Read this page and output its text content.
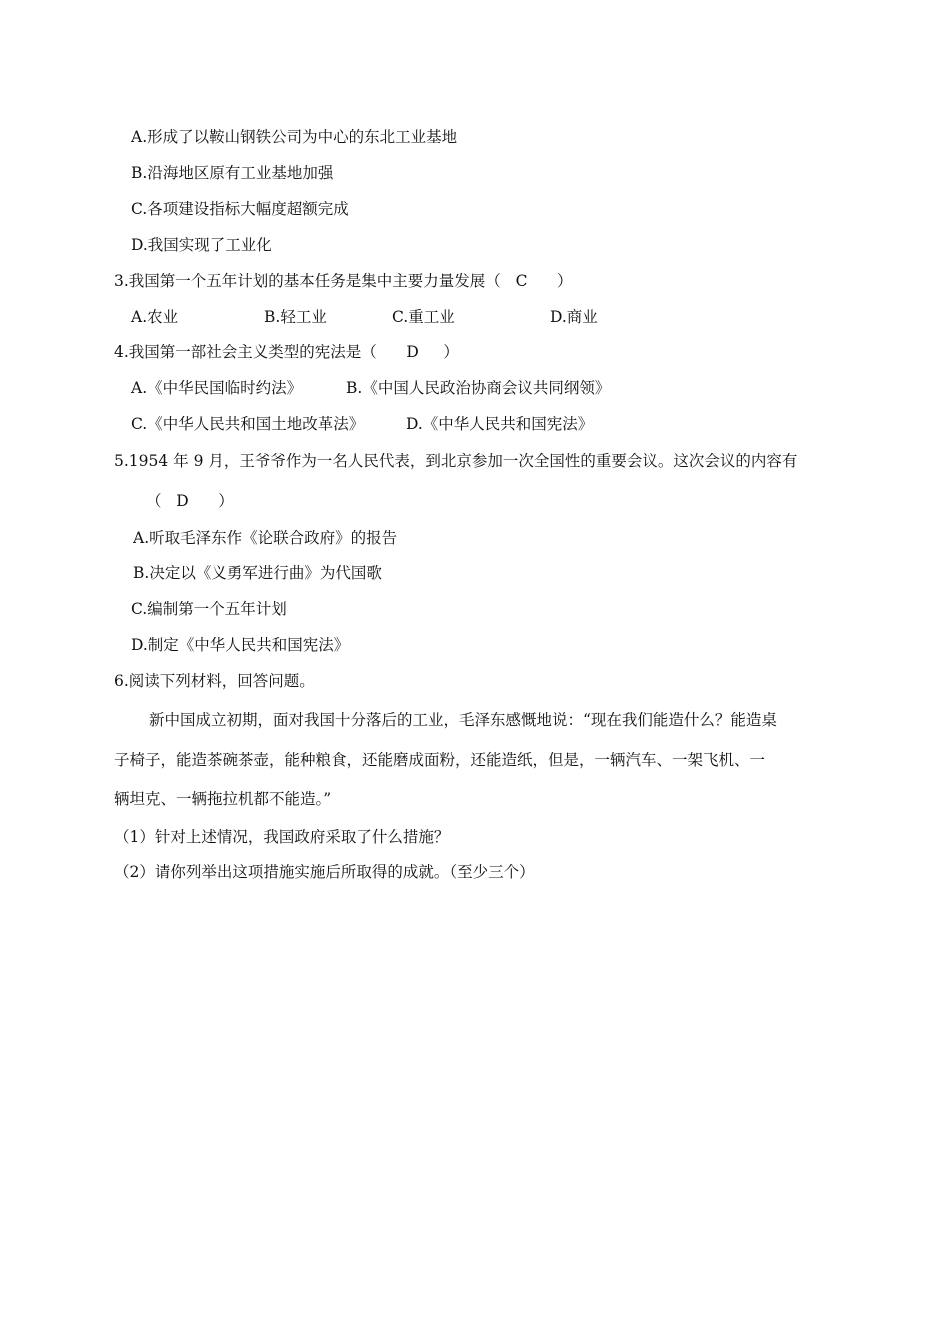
A.形成了以鞍山钢铁公司为中心的东北工业基地

B.沿海地区原有工业基地加强

C.各项建设指标大幅度超额完成

D.我国实现了工业化

3.我国第一个五年计划的基本任务是集中主要力量发展（   C      ）

A.农业	B.轻工业	C.重工业	D.商业

4.我国第一部社会主义类型的宪法是（      D     ）

A.《中华民国临时约法》	B.《中国人民政治协商会议共同纲领》

C.《中华人民共和国土地改革法》	D.《中华人民共和国宪法》

5.1954 年 9 月，王爷爷作为一名人民代表，到北京参加一次全国性的重要会议。这次会议的内容有

（   D      ）

A.听取毛泽东作《论联合政府》的报告

B.决定以《义勇军进行曲》为代国歌

C.编制第一个五年计划

D.制定《中华人民共和国宪法》

6.阅读下列材料，回答问题。

新中国成立初期，面对我国十分落后的工业，毛泽东感慨地说：“现在我们能造什么？能造桌

子椅子，能造茶碗茶壶，能种粮食，还能磨成面粉，还能造纸，但是，一辆汽车、一架飞机、一

辆坦克、一辆拖拉机都不能造。”

（1）针对上述情况，我国政府采取了什么措施？

（2）请你列举出这项措施实施后所取得的成就。（至少三个）
